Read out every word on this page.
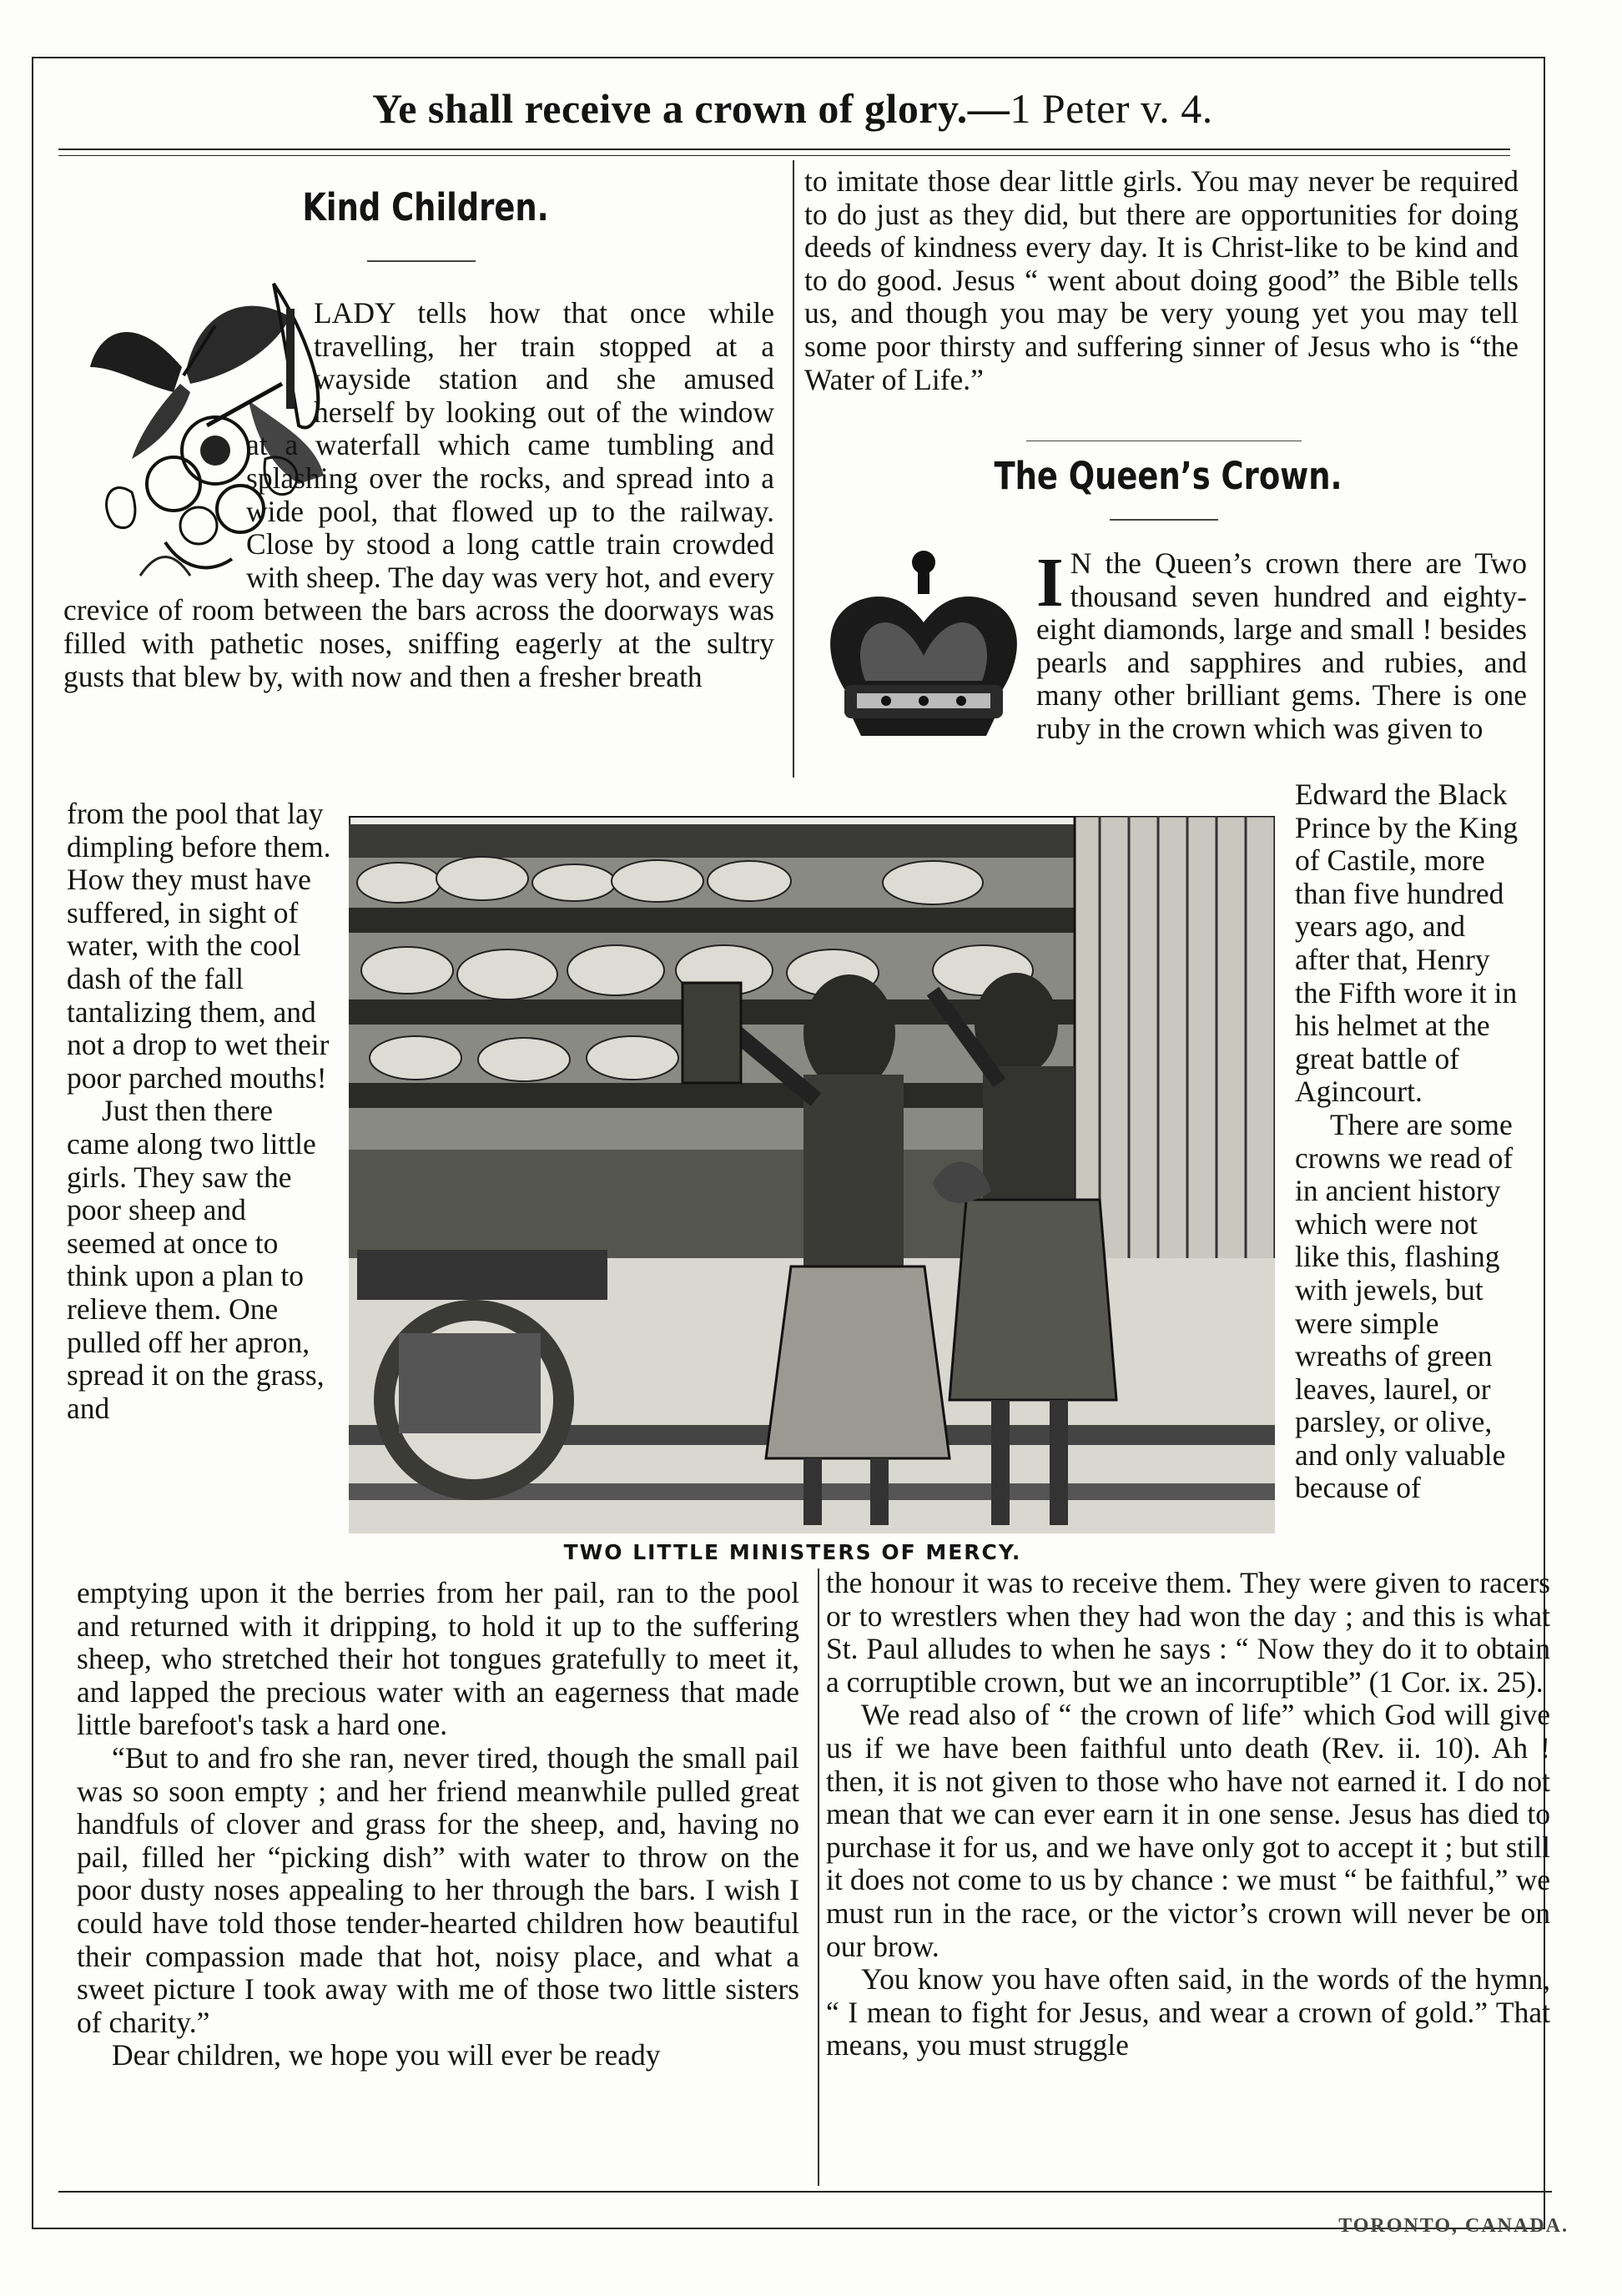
Ye shall receive a crown of glory.—1 Peter v. 4.
Kind Children.

LADY tells how that once while travelling, her train stopped at a wayside station and she amused herself by looking out of the window at a waterfall which came tumbling and splashing over the rocks, and spread into a wide pool, that flowed up to the railway. Close by stood a long cattle train crowded with sheep. The day was very hot, and every crevice of room between the bars across the doorways was filled with pathetic noses, sniffing eagerly at the sultry gusts that blew by, with now and then a fresher breath

TWO LITTLE MINISTERS OF MERCY.

from the pool that lay dimpling before them. How they must have suffered, in sight of water, with the cool dash of the fall tantalizing them, and not a drop to wet their poor parched mouths!

Just then there came along two little girls. They saw the poor sheep and seemed at once to think upon a plan to relieve them. One pulled off her apron, spread it on the grass, and

emptying upon it the berries from her pail, ran to the pool and returned with it dripping, to hold it up to the suffering sheep, who stretched their hot tongues gratefully to meet it, and lapped the precious water with an eagerness that made little barefoot's task a hard one.

“But to and fro she ran, never tired, though the small pail was so soon empty ; and her friend meanwhile pulled great handfuls of clover and grass for the sheep, and, having no pail, filled her “picking dish” with water to throw on the poor dusty noses appealing to her through the bars. I wish I could have told those tender-hearted children how beautiful their compassion made that hot, noisy place, and what a sweet picture I took away with me of those two little sisters of charity.”

Dear children, we hope you will ever be ready

to imitate those dear little girls. You may never be required to do just as they did, but there are opportunities for doing deeds of kindness every day. It is Christ-like to be kind and to do good. Jesus “ went about doing good” the Bible tells us, and though you may be very young yet you may tell some poor thirsty and suffering sinner of Jesus who is “the Water of Life.”

The Queen’s Crown.
I N the Queen’s crown there are Two thousand seven hundred and eighty-eight diamonds, large and small ! besides pearls and sapphires and rubies, and many other brilliant gems. There is one ruby in the crown which was given to

Edward the Black Prince by the King of Castile, more than five hundred years ago, and after that, Henry the Fifth wore it in his helmet at the great battle of Agincourt.

There are some crowns we read of in ancient history which were not like this, flashing with jewels, but were simple wreaths of green leaves, laurel, or parsley, or olive, and only valuable because of

the honour it was to receive them. They were given to racers or to wrestlers when they had won the day ; and this is what St. Paul alludes to when he says : “ Now they do it to obtain a corruptible crown, but we an incorruptible” (1 Cor. ix. 25).

We read also of “ the crown of life” which God will give us if we have been faithful unto death (Rev. ii. 10). Ah ! then, it is not given to those who have not earned it. I do not mean that we can ever earn it in one sense. Jesus has died to purchase it for us, and we have only got to accept it ; but still it does not come to us by chance : we must “ be faithful,” we must run in the race, or the victor’s crown will never be on our brow.

You know you have often said, in the words of the hymn, “ I mean to fight for Jesus, and wear a crown of gold.” That means, you must struggle

TORONTO, CANADA.
